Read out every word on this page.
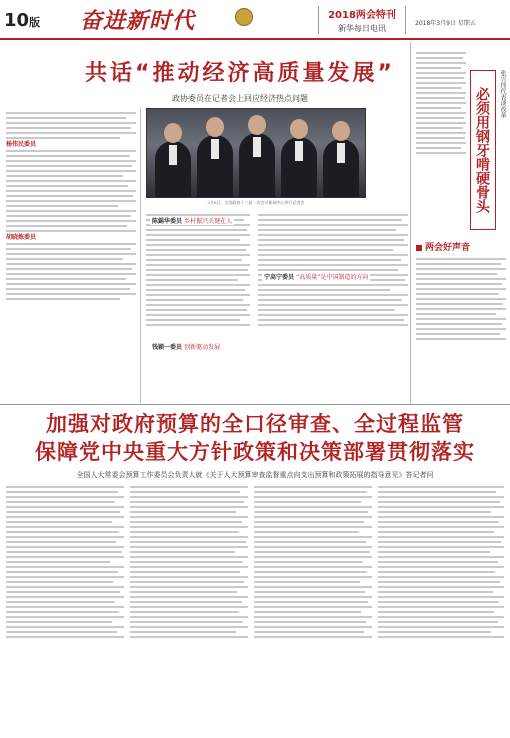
10版 奋进新时代	2018两会特刊
新华每日电讯
2018年3月9日 星期五
共话“推动经济高质量发展”
政协委员在记者会上回应经济热点问题
杨伟民委员
胡晓炼委员
3月8日，全国政协十三届一次会议新闻中心举行记者会
陈錫华委员 乡村振兴关键在人
钱颖一委员 创新驱动发展
宁高宁委员 “高质量”是中国制造的方向
必须用钢牙啃硬骨头	张兴伟代表谈改革
两会好声音
加强对政府预算的全口径审查、全过程监管
保障党中央重大方针政策和决策部署贯彻落实
全国人大常委会预算工作委员会负责人就《关于人大预算审查监督重点向支出预算和政策拓展的指导意见》答记者问
